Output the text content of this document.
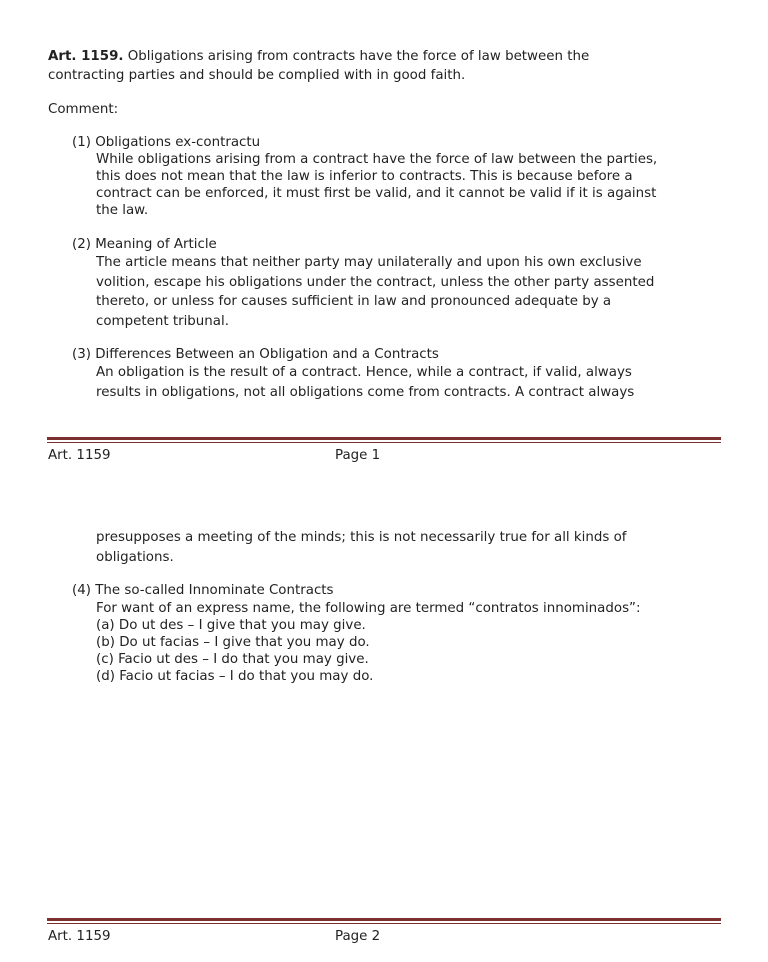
Art. 1159. Obligations arising from contracts have the force of law between the
contracting parties and should be complied with in good faith.
Comment:
(1) Obligations ex-contractu
While obligations arising from a contract have the force of law between the parties,
this does not mean that the law is inferior to contracts. This is because before a
contract can be enforced, it must first be valid, and it cannot be valid if it is against
the law.
(2) Meaning of Article
The article means that neither party may unilaterally and upon his own exclusive
volition, escape his obligations under the contract, unless the other party assented
thereto, or unless for causes sufficient in law and pronounced adequate by a
competent tribunal.
(3) Differences Between an Obligation and a Contracts
An obligation is the result of a contract. Hence, while a contract, if valid, always
results in obligations, not all obligations come from contracts. A contract always
Art. 1159	Page 1
presupposes a meeting of the minds; this is not necessarily true for all kinds of
obligations.
(4) The so-called Innominate Contracts
For want of an express name, the following are termed “contratos innominados”:
(a) Do ut des – I give that you may give.
(b) Do ut facias – I give that you may do.
(c) Facio ut des – I do that you may give.
(d) Facio ut facias – I do that you may do.
Art. 1159	Page 2
